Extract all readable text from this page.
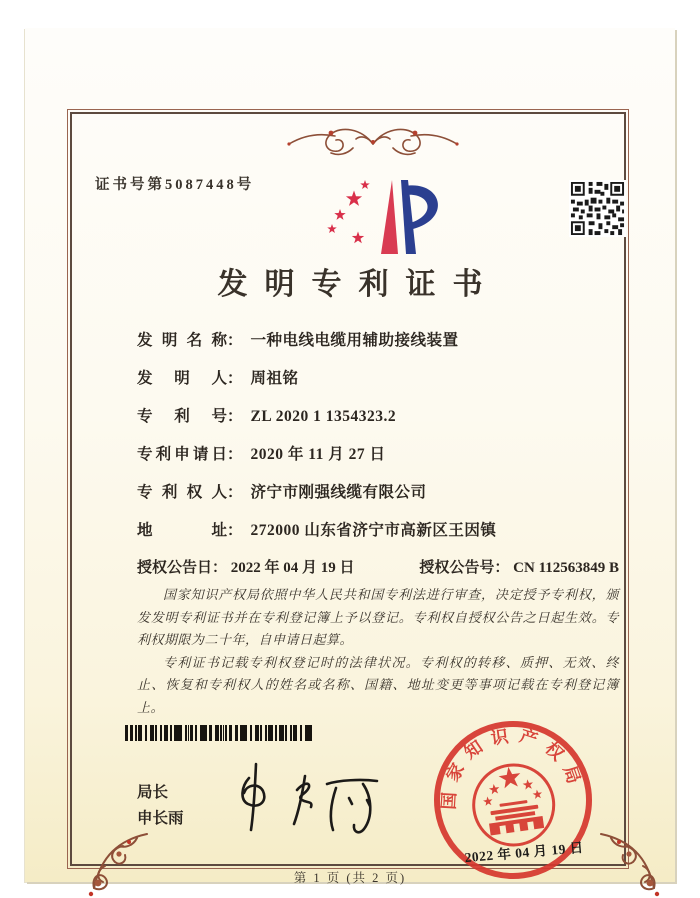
证书号第5087448号
发明专利证书
发明名称 ： 一种电线电缆用辅助接线装置
发明人 ： 周祖铭
专利号 ： ZL 2020 1 1354323.2
专利申请日 ： 2020 年 11 月 27 日
专利权人 ： 济宁市刚强线缆有限公司
地址 ： 272000 山东省济宁市高新区王因镇
授权公告日： 2022 年 04 月 19 日	授权公告号： CN 112563849 B

国家知识产权局依照中华人民共和国专利法进行审查，决定授予专利权，颁发发明专利证书并在专利登记簿上予以登记。专利权自授权公告之日起生效。专利权期限为二十年，自申请日起算。

专利证书记载专利权登记时的法律状况。专利权的转移、质押、无效、终止、恢复和专利权人的姓名或名称、国籍、地址变更等事项记载在专利登记簿上。

局长
申长雨
国家知识产权局
2022 年 04 月 19 日
第 1 页 (共 2 页)
